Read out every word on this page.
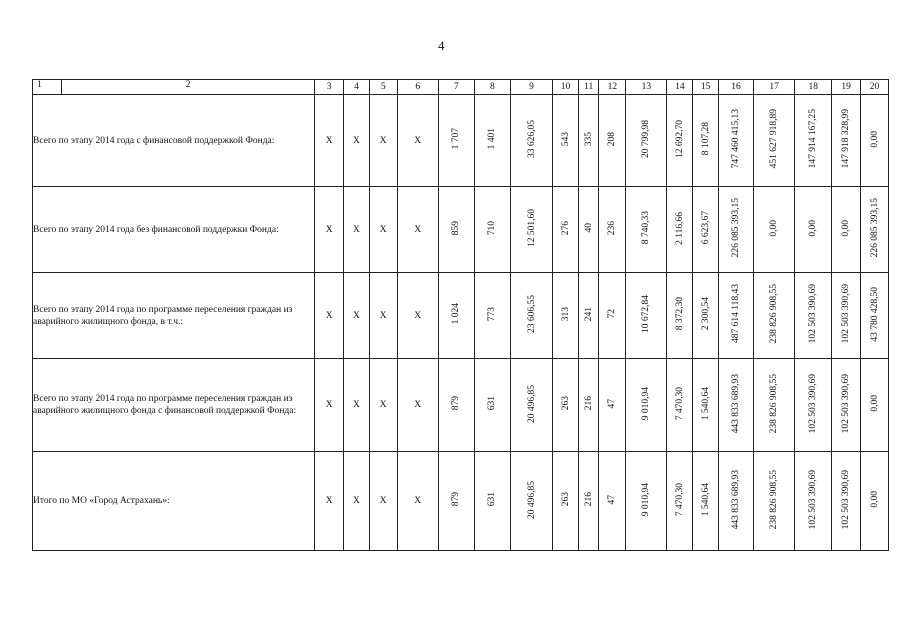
4
1 2	3	4	5	6	7	8	9	10	11	12	13	14	15	16	17	18	19	20
Всего по этапу 2014 года с финансовой поддержкой Фонда:	X	X	X	X	1 707	1 401	33 626,05	543	335	208	20 799,98	12 692,70	8 107,28	747 460 415,13	451 627 918,89	147 914 167,25	147 918 328,99	0,00
Всего по этапу 2014 года без финансовой поддержки Фонда:	X	X	X	X	859	710	12 501,60	276	40	236	8 740,33	2 116,66	6 623,67	226 085 393,15	0,00	0,00	0,00	226 085 393,15
Всего по этапу 2014 года по программе переселения граждан из аварийного жилищного фонда, в т.ч.:	X	X	X	X	1 024	773	23 606,55	313	241	72	10 672,84	8 372,30	2 300,54	487 614 118,43	238 826 908,55	102 503 390,69	102 503 390,69	43 780 428,50
Всего по этапу 2014 года по программе переселения граждан из аварийного жилищного фонда с финансовой поддержкой Фонда:	X	X	X	X	879	631	20 496,85	263	216	47	9 010,94	7 470,30	1 540,64	443 833 689,93	238 826 908,55	102 503 390,69	102 503 390,69	0,00
Итого по МО «Город Астрахань»:	X	X	X	X	879	631	20 496,85	263	216	47	9 010,94	7 470,30	1 540,64	443 833 689,93	238 826 908,55	102 503 390,69	102 503 390,69	0,00
